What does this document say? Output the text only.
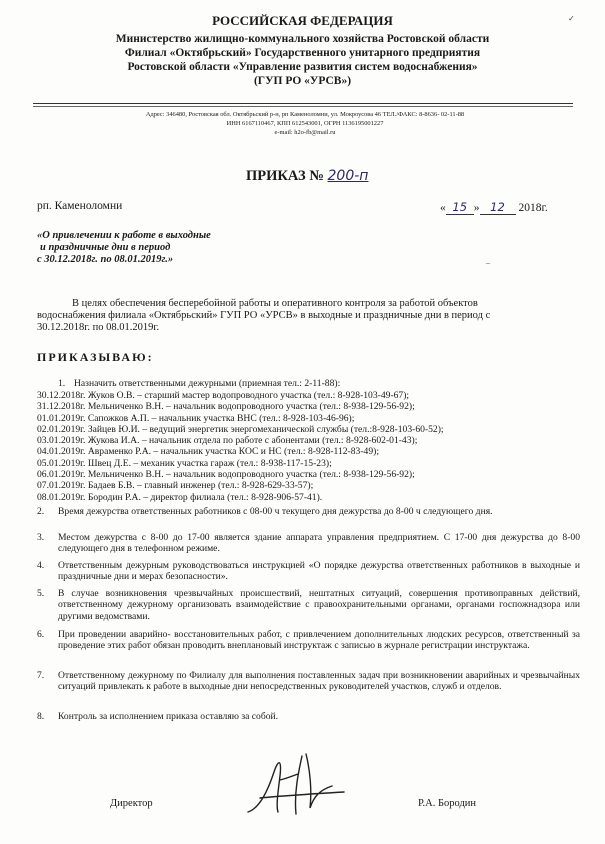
РОССИЙСКАЯ ФЕДЕРАЦИЯ
Министерство жилищно-коммунального хозяйства Ростовской области
Филиал «Октябрьский» Государственного унитарного предприятия
Ростовской области «Управление развития систем водоснабжения»
(ГУП РО «УРСВ»)
✓
Адрес: 346480, Ростовская обл. Октябрьский р-н, рп Каменоломни, ул. Мокроусова 46 ТЕЛ./ФАКС: 8-8636- 02-11-88
ИНН 6167110467, КПП 612543001, ОГРН 1136195001227
e-mail: h2o-fb@mail.ru
ПРИКАЗ № 200-п
рп. Каменоломни	« 15 » 12 2018г.
«О привлечении к работе в выходные
и праздничные дни в период
с 30.12.2018г. по 08.01.2019г.»	–
В целях обеспечения бесперебойной работы и оперативного контроля за работой объектов
водоснабжения филиала «Октябрьский» ГУП РО «УРСВ» в выходные и праздничные дни в период с
30.12.2018г. по 08.01.2019г.
ПРИКАЗЫВАЮ:
1. Назначить ответственными дежурными (приемная тел.: 2-11-88):
30.12.2018г. Жуков О.В. – старший мастер водопроводного участка (тел.: 8-928-103-49-67);
31.12.2018г. Мельниченко В.Н. – начальник водопроводного участка (тел.: 8-938-129-56-92);
01.01.2019г. Сапожков А.П. – начальник участка ВНС (тел.: 8-928-103-46-96);
02.01.2019г. Зайцев Ю.И. – ведущий энергетик энергомеханической службы (тел.:8-928-103-60-52);
03.01.2019г. Жукова И.А. – начальник отдела по работе с абонентами (тел.: 8-928-602-01-43);
04.01.2019г. Авраменко Р.А. – начальник участка КОС и НС (тел.: 8-928-112-83-49);
05.01.2019г. Швец Д.Е. – механик участка гараж (тел.: 8-938-117-15-23);
06.01.2019г. Мельниченко В.Н. – начальник водопроводного участка (тел.: 8-938-129-56-92);
07.01.2019г. Бадаев Б.В. – главный инженер (тел.: 8-928-629-33-57);
08.01.2019г. Бородин Р.А. – директор филиала (тел.: 8-928-906-57-41).
2. Время дежурства ответственных работников с 08-00 ч текущего дня дежурства до 8-00 ч следующего дня.
3. Местом дежурства с 8-00 до 17-00 является здание аппарата управления предприятием. С 17-00 дня дежурства до 8-00 следующего дня в телефонном режиме.
4. Ответственным дежурным руководствоваться инструкцией «О порядке дежурства ответственных работников в выходные и праздничные дни и мерах безопасности».
5. В случае возникновения чрезвычайных происшествий, нештатных ситуаций, совершения противоправных действий, ответственному дежурному организовать взаимодействие с правоохранительными органами, органами госпожнадзора или другими ведомствами.
6. При проведении аварийно- восстановительных работ, с привлечением дополнительных людских ресурсов, ответственный за проведение этих работ обязан проводить внеплановый инструктаж с записью в журнале регистрации инструктажа.
7. Ответственному дежурному по Филиалу для выполнения поставленных задач при возникновении аварийных и чрезвычайных ситуаций привлекать к работе в выходные дни непосредственных руководителей участков, служб и отделов.
8. Контроль за исполнением приказа оставляю за собой.
Директор	Р.А. Бородин
